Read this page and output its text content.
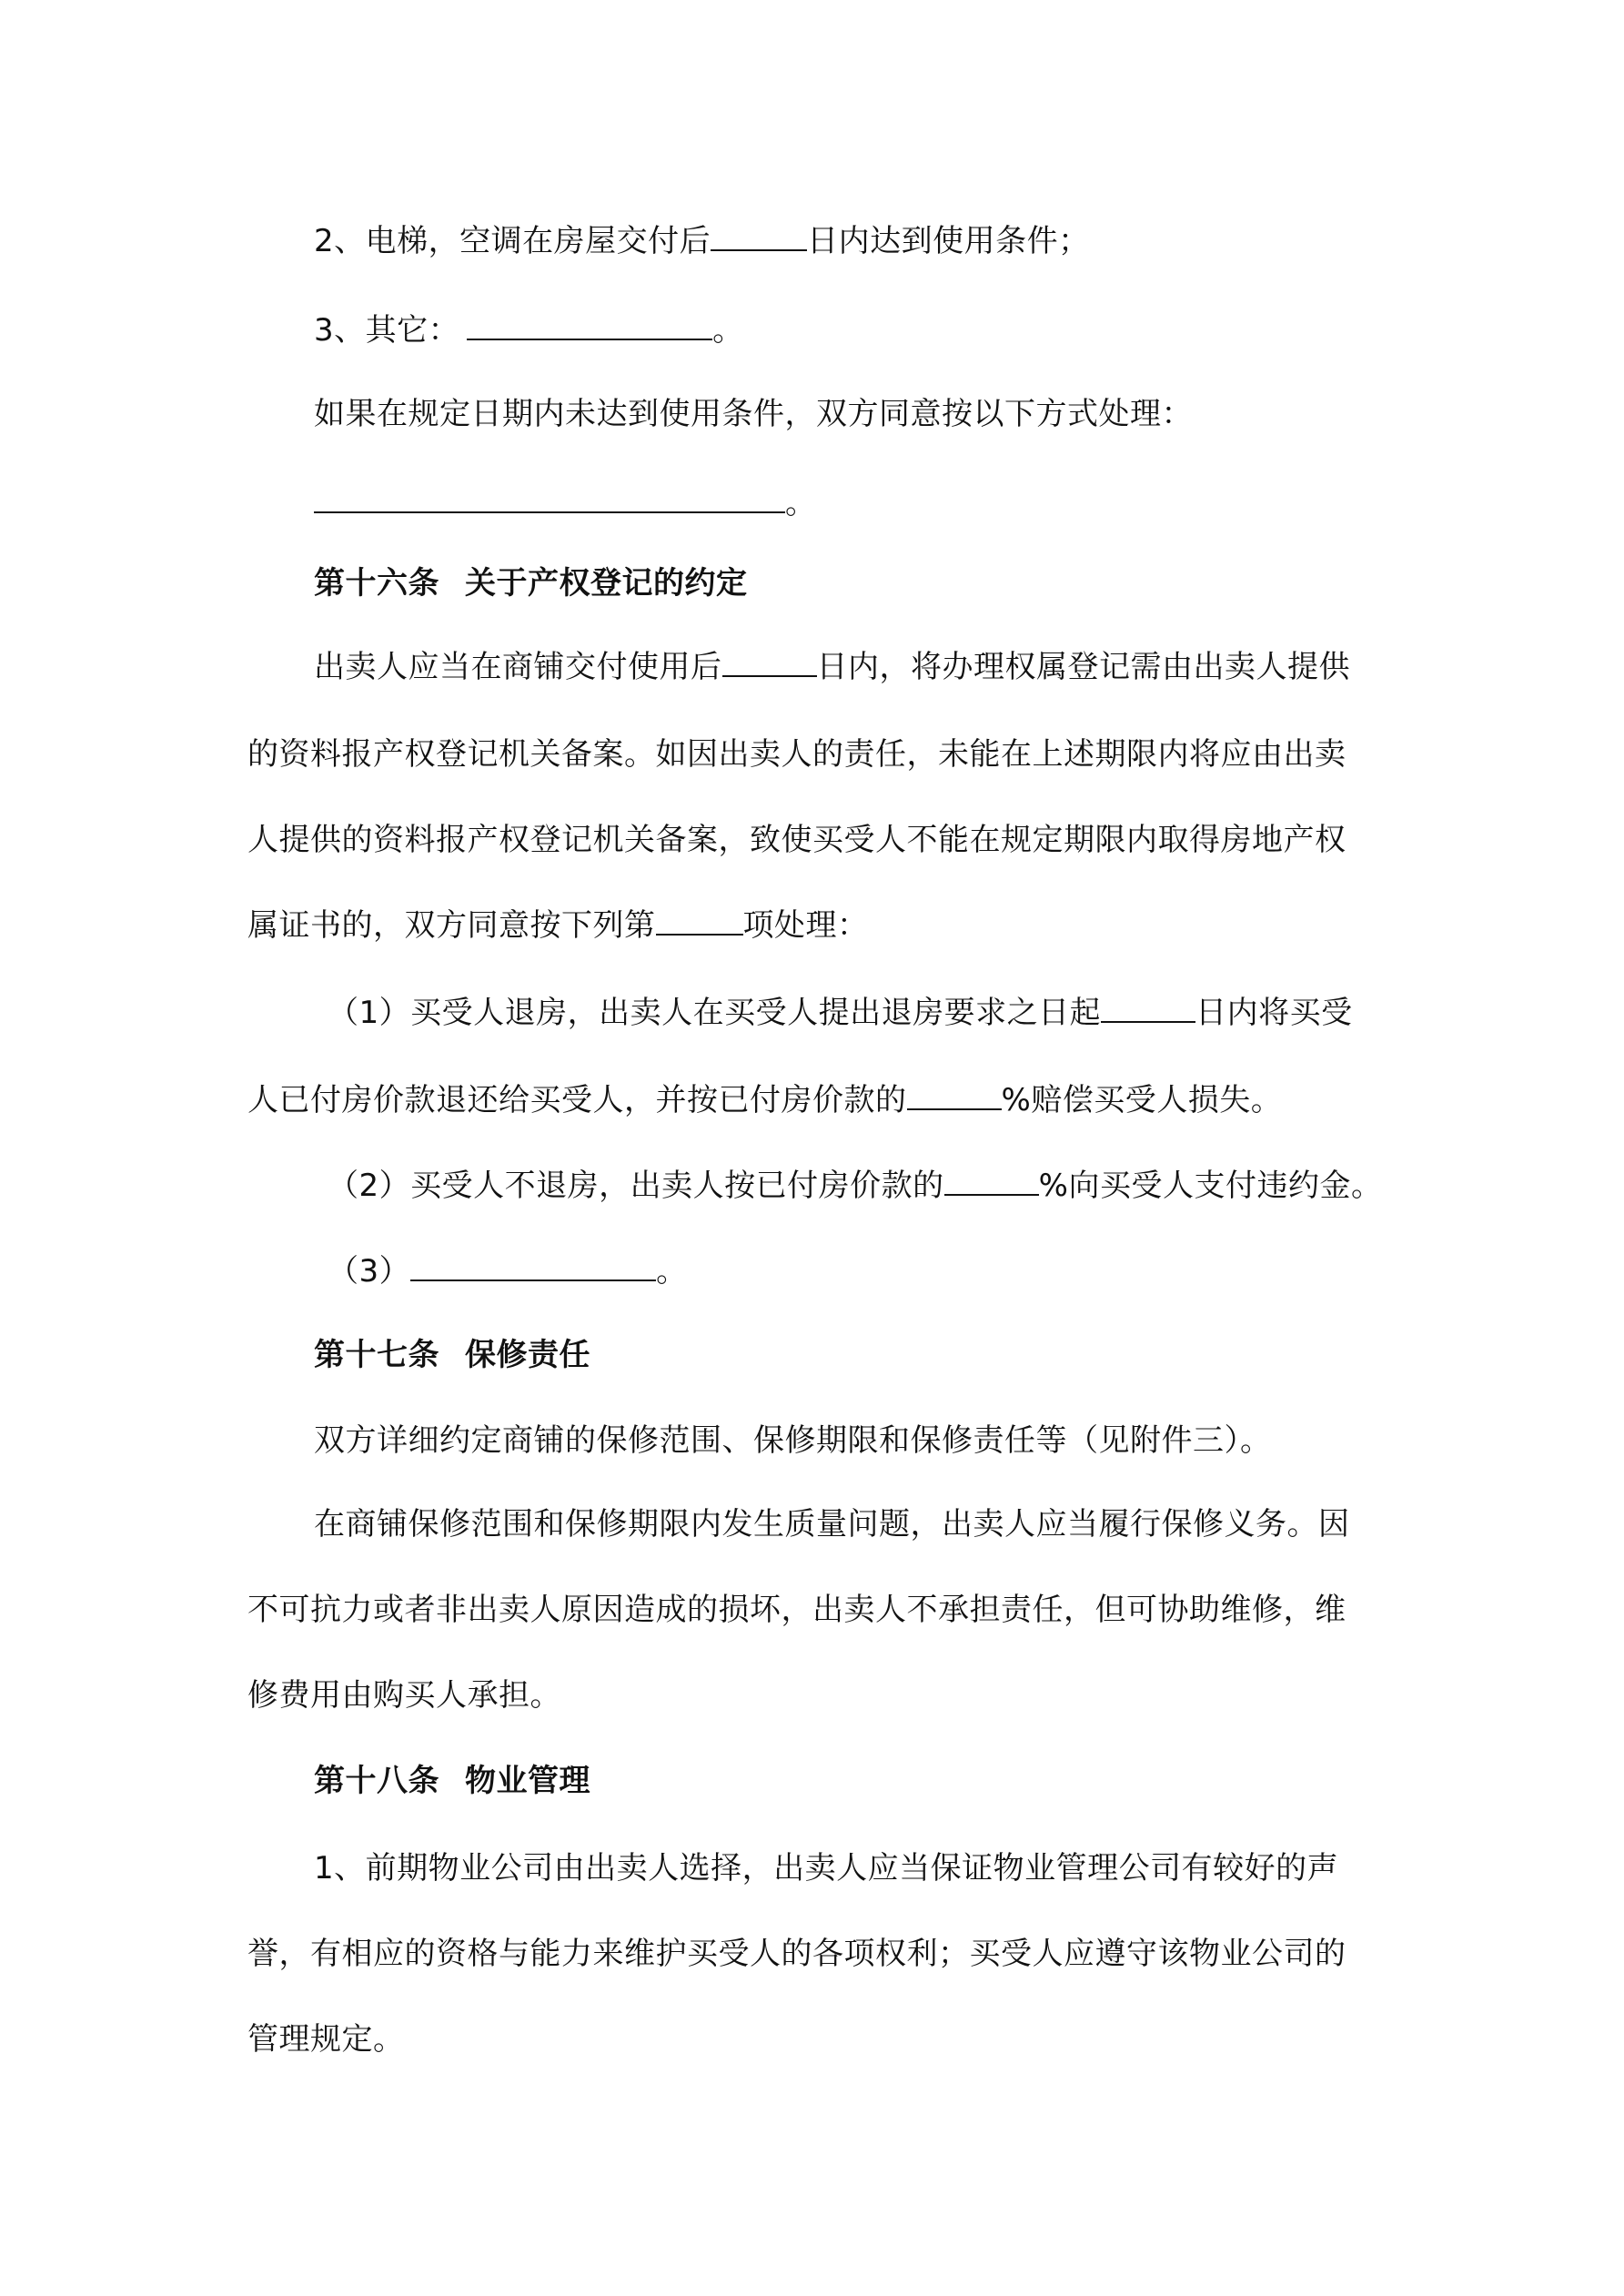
2、电梯，空调在房屋交付后	日内达到使用条件；
3、其它：	。
如果在规定日期内未达到使用条件，双方同意按以下方式处理：
。
第十六条 关于产权登记的约定
出卖人应当在商铺交付使用后	日内，将办理权属登记需由出卖人提供
的资料报产权登记机关备案。如因出卖人的责任，未能在上述期限内将应由出卖
人提供的资料报产权登记机关备案，致使买受人不能在规定期限内取得房地产权
属证书的，双方同意按下列第	项处理：
（1）买受人退房，出卖人在买受人提出退房要求之日起	日内将买受
人已付房价款退还给买受人，并按已付房价款的	%赔偿买受人损失。
（2）买受人不退房，出卖人按已付房价款的	%向买受人支付违约金。
（3）	。
第十七条 保修责任
双方详细约定商铺的保修范围、保修期限和保修责任等（见附件三）。
在商铺保修范围和保修期限内发生质量问题，出卖人应当履行保修义务。因
不可抗力或者非出卖人原因造成的损坏，出卖人不承担责任，但可协助维修，维
修费用由购买人承担。
第十八条 物业管理
1、前期物业公司由出卖人选择，出卖人应当保证物业管理公司有较好的声
誉，有相应的资格与能力来维护买受人的各项权利；买受人应遵守该物业公司的
管理规定。
